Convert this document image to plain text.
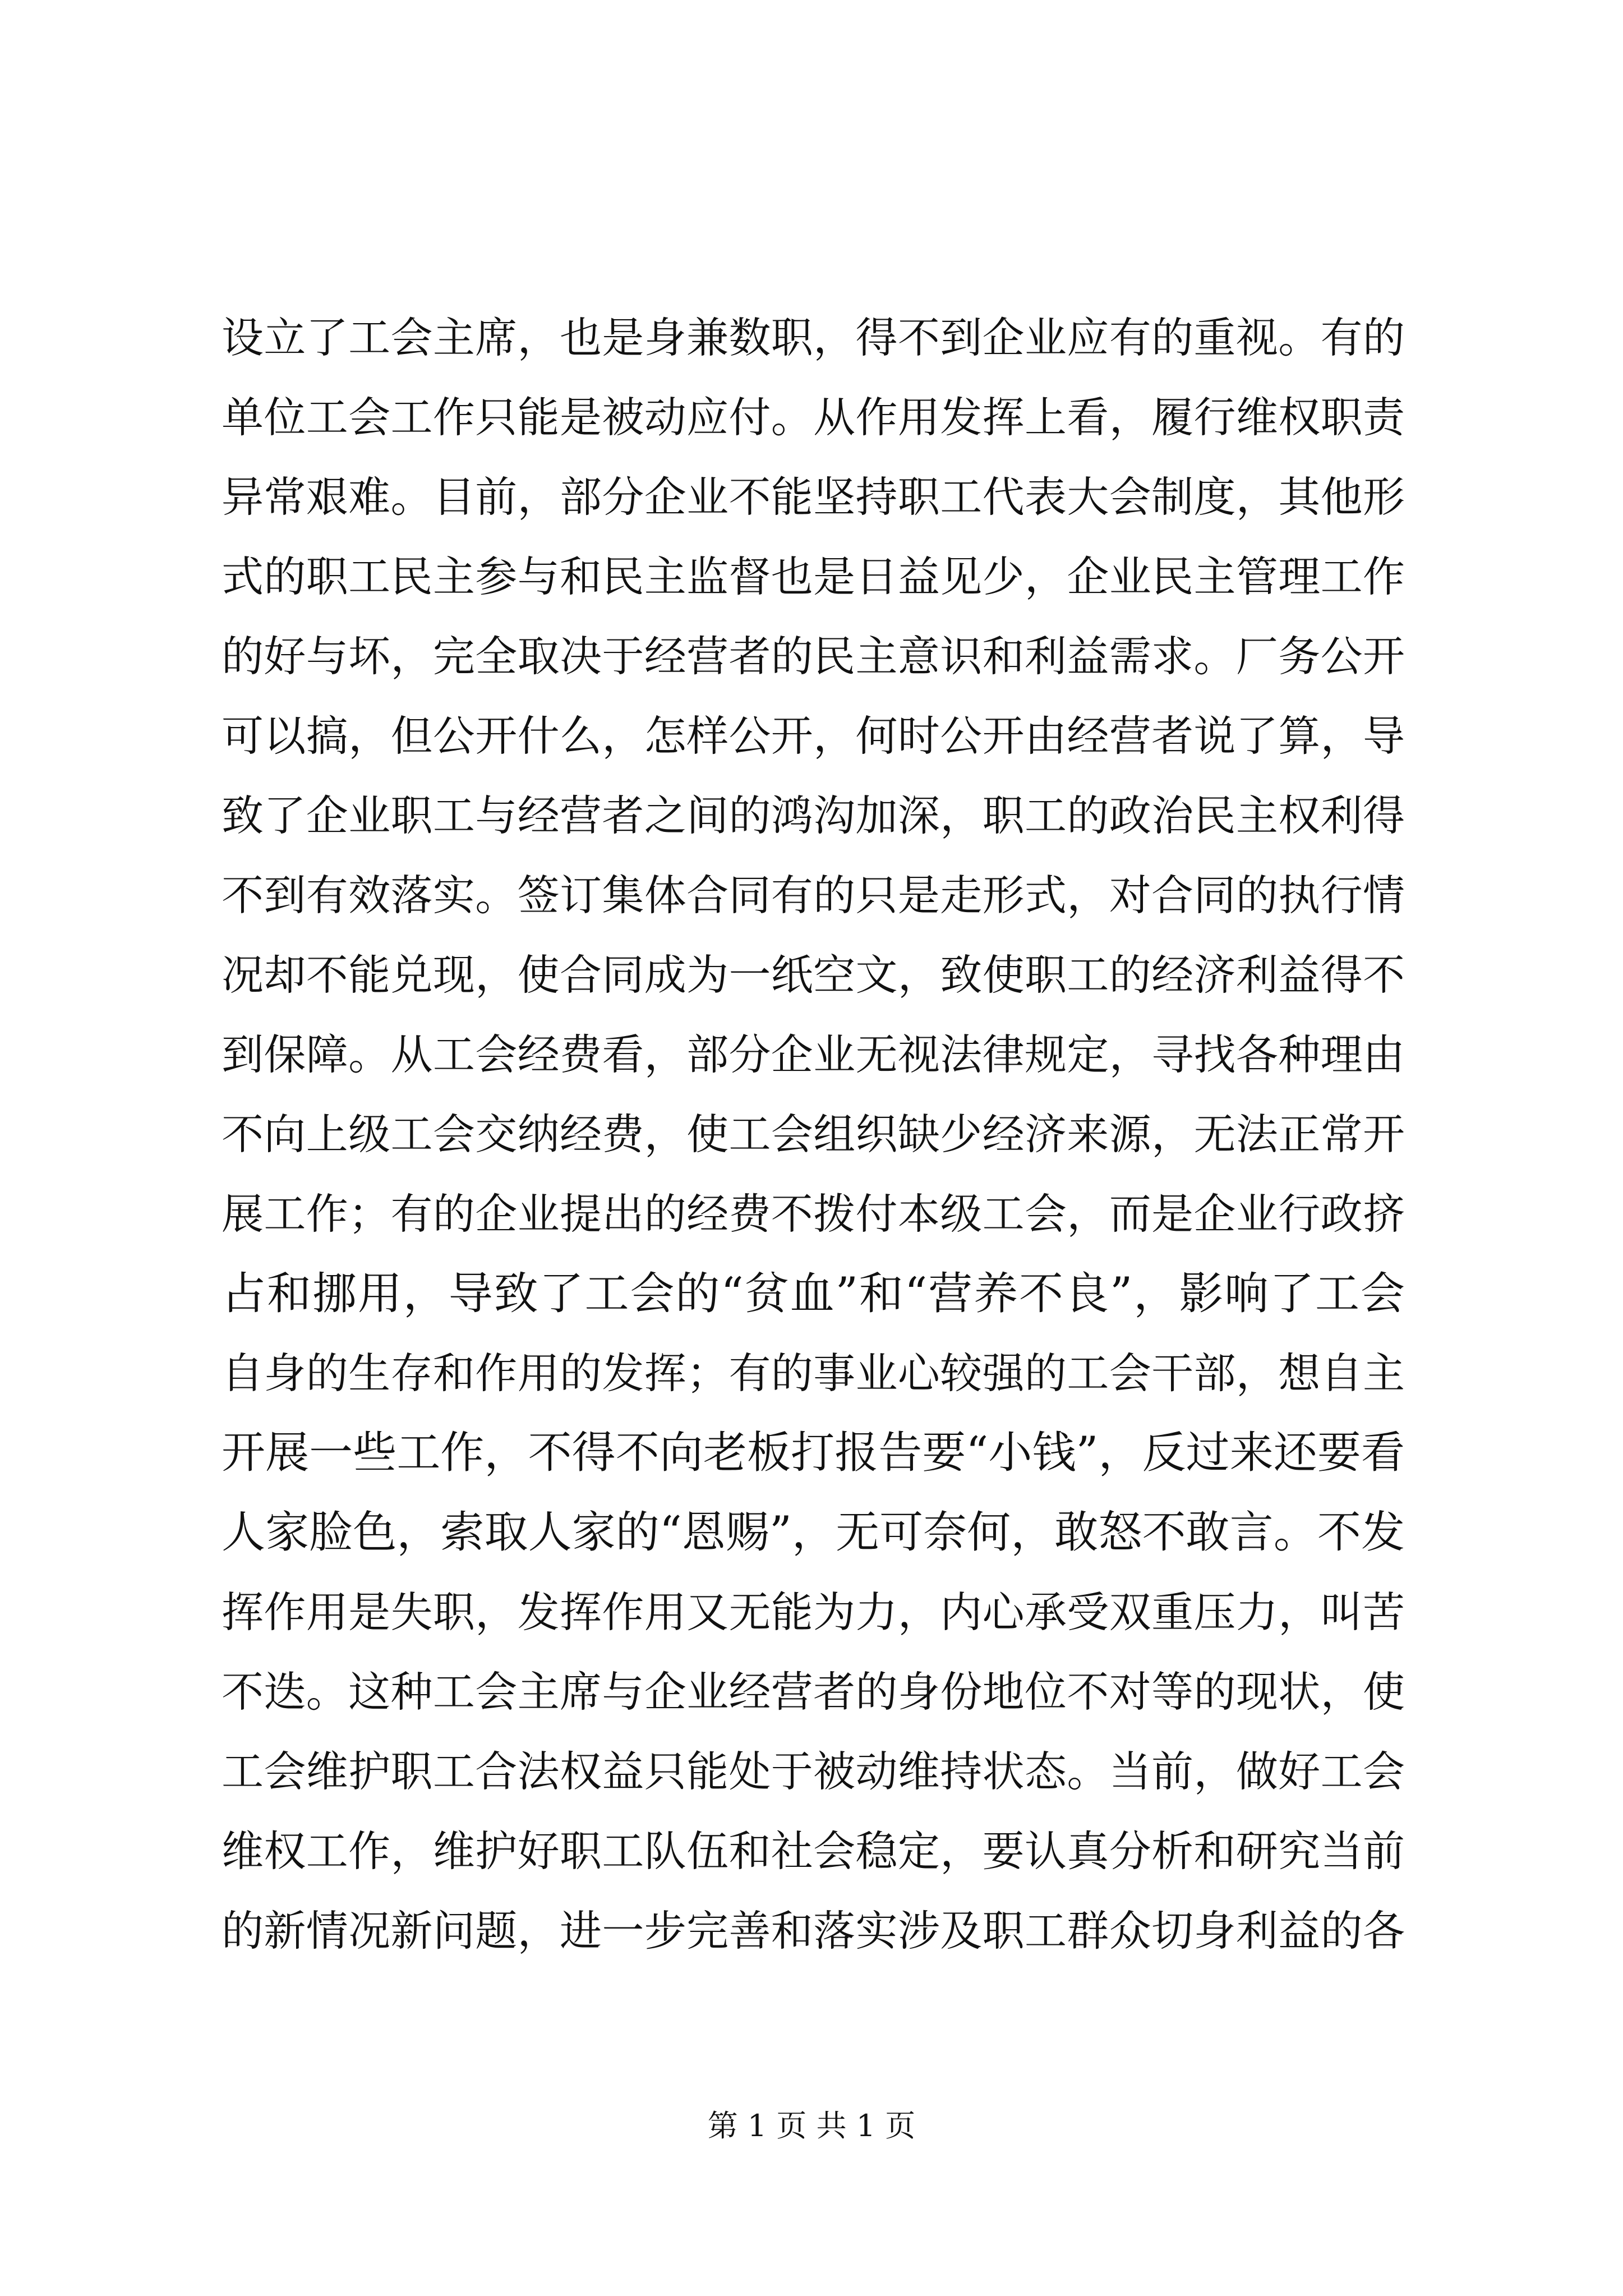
设立了工会主席，也是身兼数职，得不到企业应有的重视。有的
单位工会工作只能是被动应付。从作用发挥上看，履行维权职责
异常艰难。目前，部分企业不能坚持职工代表大会制度，其他形
式的职工民主参与和民主监督也是日益见少，企业民主管理工作
的好与坏，完全取决于经营者的民主意识和利益需求。厂务公开
可以搞，但公开什么，怎样公开，何时公开由经营者说了算，导
致了企业职工与经营者之间的鸿沟加深，职工的政治民主权利得
不到有效落实。签订集体合同有的只是走形式，对合同的执行情
况却不能兑现，使合同成为一纸空文，致使职工的经济利益得不
到保障。从工会经费看，部分企业无视法律规定，寻找各种理由
不向上级工会交纳经费，使工会组织缺少经济来源，无法正常开
展工作；有的企业提出的经费不拨付本级工会，而是企业行政挤
占和挪用，导致了工会的“贫血”和“营养不良”，影响了工会
自身的生存和作用的发挥；有的事业心较强的工会干部，想自主
开展一些工作，不得不向老板打报告要“小钱”，反过来还要看
人家脸色，索取人家的“恩赐”，无可奈何，敢怒不敢言。不发
挥作用是失职，发挥作用又无能为力，内心承受双重压力，叫苦
不迭。这种工会主席与企业经营者的身份地位不对等的现状，使
工会维护职工合法权益只能处于被动维持状态。当前，做好工会
维权工作，维护好职工队伍和社会稳定，要认真分析和研究当前
的新情况新问题，进一步完善和落实涉及职工群众切身利益的各
第 1 页 共 1 页
